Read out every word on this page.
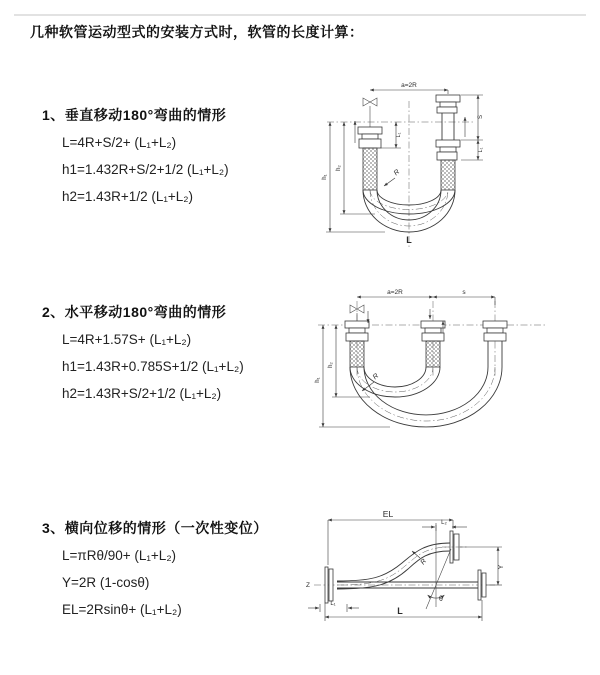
几种软管运动型式的安装方式时，软管的长度计算：
1、垂直移动180°弯曲的情形
L=4R+S/2+ (L₁+L₂)
h1=1.432R+S/2+1/2 (L₁+L₂)
h2=1.43R+1/2 (L₁+L₂)
a=2R
S
L₁
L₁
h₁
h₂
R
L
2、水平移动180°弯曲的情形
L=4R+1.57S+ (L₁+L₂)
h1=1.43R+0.785S+1/2 (L₁+L₂)
h2=1.43R+S/2+1/2 (L₁+L₂)
a=2R	s
h₁
h₂
R
3、横向位移的情形（一次性变位）
L=πRθ/90+ (L₁+L₂)
Y=2R (1-cosθ)
EL=2Rsinθ+ (L₁+L₂)
EL
L₂
Z
θ
Y
R
L₁
L
